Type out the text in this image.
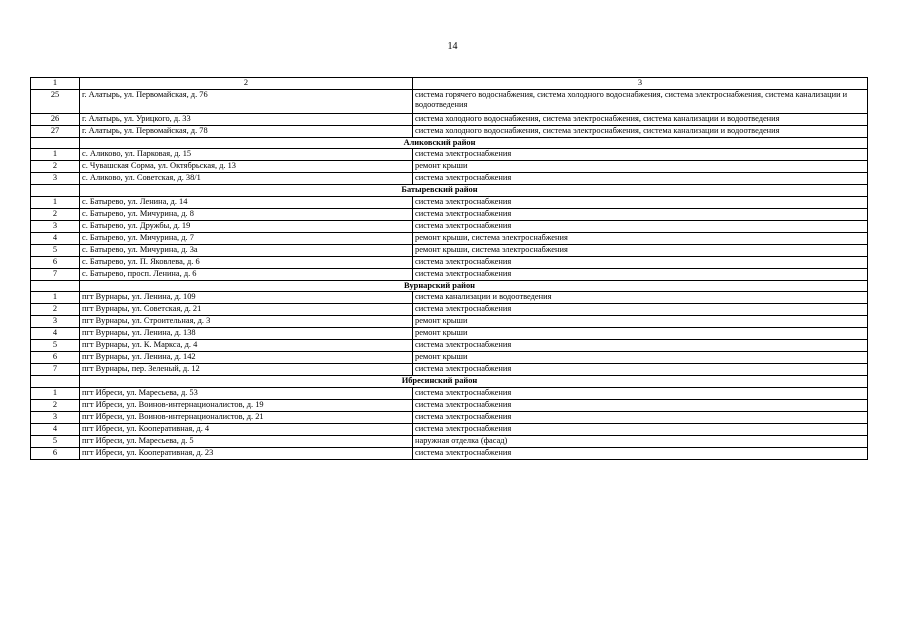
14
1	2	3
25	г. Алатырь, ул. Первомайская, д. 76	система горячего водоснабжения, система холодного водоснабжения, система электроснабжения, система канализации и водоотведения
26	г. Алатырь, ул. Урицкого, д. 33	система холодного водоснабжения, система электроснабжения, система канализации и водоотведения
27	г. Алатырь, ул. Первомайская, д. 78	система холодного водоснабжения, система электроснабжения, система канализации и водоотведения
	Аликовский район	
1	с. Аликово, ул. Парковая, д. 15	система электроснабжения
2	с. Чувашская Сорма, ул. Октябрьская, д. 13	ремонт крыши
3	с. Аликово, ул. Советская, д. 38/1	система электроснабжения
	Батыревский район	
1	с. Батырево, ул. Ленина, д. 14	система электроснабжения
2	с. Батырево, ул. Мичурина, д. 8	система электроснабжения
3	с. Батырево, ул. Дружбы, д. 19	система электроснабжения
4	с. Батырево, ул. Мичурина, д. 7	ремонт крыши, система электроснабжения
5	с. Батырево, ул. Мичурина, д. 3а	ремонт крыши, система электроснабжения
6	с. Батырево, ул. П. Яковлева, д. 6	система электроснабжения
7	с. Батырево, просп. Ленина, д. 6	система электроснабжения
	Вурнарский район	
1	пгт Вурнары, ул. Ленина, д. 109	система канализации и водоотведения
2	пгт Вурнары, ул. Советская, д. 21	система электроснабжения
3	пгт Вурнары, ул. Строительная, д. 3	ремонт крыши
4	пгт Вурнары, ул. Ленина, д. 138	ремонт крыши
5	пгт Вурнары, ул. К. Маркса, д. 4	система электроснабжения
6	пгт Вурнары, ул. Ленина, д. 142	ремонт крыши
7	пгт Вурнары, пер. Зеленый, д. 12	система электроснабжения
	Ибресинский район	
1	пгт Ибреси, ул. Маресьева, д. 53	система электроснабжения
2	пгт Ибреси, ул. Воинов-интернационалистов, д. 19	система электроснабжения
3	пгт Ибреси, ул. Воинов-интернационалистов, д. 21	система электроснабжения
4	пгт Ибреси, ул. Кооперативная, д. 4	система электроснабжения
5	пгт Ибреси, ул. Маресьева, д. 5	наружная отделка (фасад)
6	пгт Ибреси, ул. Кооперативная, д. 23	система электроснабжения
